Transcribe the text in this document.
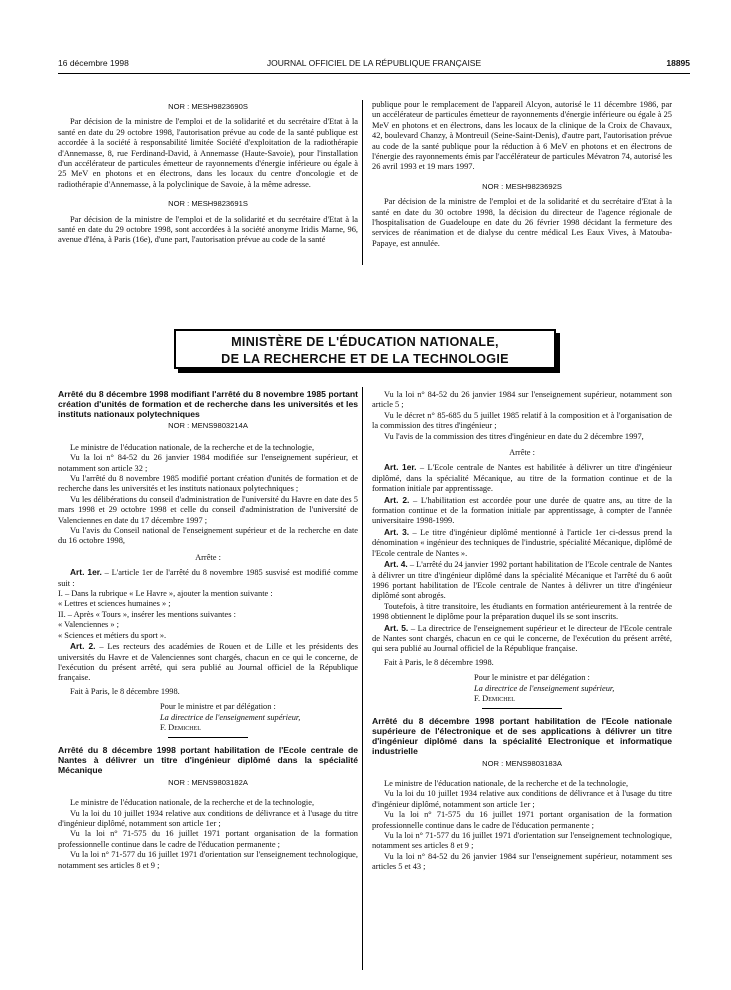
16 décembre 1998	JOURNAL OFFICIEL DE LA RÉPUBLIQUE FRANÇAISE	18895
NOR : MESH9823690S

Par décision de la ministre de l'emploi et de la solidarité et du secrétaire d'Etat à la santé en date du 29 octobre 1998, l'autorisation prévue au code de la santé publique est accordée à la société à responsabilité limitée Société d'exploitation de la radiothérapie d'Annemasse, 8, rue Ferdinand-David, à Annemasse (Haute-Savoie), pour l'installation d'un accélérateur de particules émetteur de rayonnements d'énergie inférieure ou égale à 25 MeV en photons et en électrons, dans les locaux du centre d'oncologie et de radiothérapie d'Annemasse, à la polyclinique de Savoie, à la même adresse.

NOR : MESH9823691S

Par décision de la ministre de l'emploi et de la solidarité et du secrétaire d'Etat à la santé en date du 29 octobre 1998, sont accordées à la société anonyme Iridis Marne, 96, avenue d'Iéna, à Paris (16e), d'une part, l'autorisation prévue au code de la santé

publique pour le remplacement de l'appareil Alcyon, autorisé le 11 décembre 1986, par un accélérateur de particules émetteur de rayonnements d'énergie inférieure ou égale à 25 MeV en photons et en électrons, dans les locaux de la clinique de la Croix de Chavaux, 42, boulevard Chanzy, à Montreuil (Seine-Saint-Denis), d'autre part, l'autorisation prévue au code de la santé publique pour la réduction à 6 MeV en photons et en électrons de l'énergie des rayonnements émis par l'accélérateur de particules Mévatron 74, autorisé les 26 avril 1993 et 19 mars 1997.

NOR : MESH9823692S

Par décision de la ministre de l'emploi et de la solidarité et du secrétaire d'Etat à la santé en date du 30 octobre 1998, la décision du directeur de l'agence régionale de l'hospitalisation de Guadeloupe en date du 26 février 1998 décidant la fermeture des services de réanimation et de dialyse du centre médical Les Eaux Vives, à Matouba-Papaye, est annulée.

MINISTÈRE DE L'ÉDUCATION NATIONALE,
DE LA RECHERCHE ET DE LA TECHNOLOGIE
Arrêté du 8 décembre 1998 modifiant l'arrêté du 8 novembre 1985 portant création d'unités de formation et de recherche dans les universités et les instituts nationaux polytechniques
NOR : MENS9803214A

Le ministre de l'éducation nationale, de la recherche et de la technologie,

Vu la loi n° 84-52 du 26 janvier 1984 modifiée sur l'enseignement supérieur, et notamment son article 32 ;

Vu l'arrêté du 8 novembre 1985 modifié portant création d'unités de formation et de recherche dans les universités et les instituts nationaux polytechniques ;

Vu les délibérations du conseil d'administration de l'université du Havre en date des 5 mars 1998 et 29 octobre 1998 et celle du conseil d'administration de l'université de Valenciennes en date du 17 décembre 1997 ;

Vu l'avis du Conseil national de l'enseignement supérieur et de la recherche en date du 16 octobre 1998,

Arrête :

Art. 1er. – L'article 1er de l'arrêté du 8 novembre 1985 susvisé est modifié comme suit :

I. – Dans la rubrique « Le Havre », ajouter la mention suivante :

« Lettres et sciences humaines » ;

II. – Après « Tours », insérer les mentions suivantes :

« Valenciennes » ;

« Sciences et métiers du sport ».

Art. 2. – Les recteurs des académies de Rouen et de Lille et les présidents des universités du Havre et de Valenciennes sont chargés, chacun en ce qui le concerne, de l'exécution du présent arrêté, qui sera publié au Journal officiel de la République française.

Fait à Paris, le 8 décembre 1998.

Pour le ministre et par délégation :

La directrice de l'enseignement supérieur,

F. Demichel

Arrêté du 8 décembre 1998 portant habilitation de l'Ecole centrale de Nantes à délivrer un titre d'ingénieur diplômé dans la spécialité Mécanique
NOR : MENS9803182A

Le ministre de l'éducation nationale, de la recherche et de la technologie,

Vu la loi du 10 juillet 1934 relative aux conditions de délivrance et à l'usage du titre d'ingénieur diplômé, notamment son article 1er ;

Vu la loi n° 71-575 du 16 juillet 1971 portant organisation de la formation professionnelle continue dans le cadre de l'éducation permanente ;

Vu la loi n° 71-577 du 16 juillet 1971 d'orientation sur l'enseignement technologique, notamment ses articles 8 et 9 ;

Vu la loi n° 84-52 du 26 janvier 1984 sur l'enseignement supérieur, notamment son article 5 ;

Vu le décret n° 85-685 du 5 juillet 1985 relatif à la composition et à l'organisation de la commission des titres d'ingénieur ;

Vu l'avis de la commission des titres d'ingénieur en date du 2 décembre 1997,

Arrête :

Art. 1er. – L'Ecole centrale de Nantes est habilitée à délivrer un titre d'ingénieur diplômé, dans la spécialité Mécanique, au titre de la formation continue et de la formation initiale par apprentissage.

Art. 2. – L'habilitation est accordée pour une durée de quatre ans, au titre de la formation continue et de la formation initiale par apprentissage, à compter de l'année universitaire 1998-1999.

Art. 3. – Le titre d'ingénieur diplômé mentionné à l'article 1er ci-dessus prend la dénomination « ingénieur des techniques de l'industrie, spécialité Mécanique, diplômé de l'Ecole centrale de Nantes ».

Art. 4. – L'arrêté du 24 janvier 1992 portant habilitation de l'Ecole centrale de Nantes à délivrer un titre d'ingénieur diplômé dans la spécialité Mécanique et l'arrêté du 6 août 1996 portant habilitation de l'Ecole centrale de Nantes à délivrer un titre d'ingénieur diplômé sont abrogés.

Toutefois, à titre transitoire, les étudiants en formation antérieurement à la rentrée de 1998 obtiennent le diplôme pour la préparation duquel ils se sont inscrits.

Art. 5. – La directrice de l'enseignement supérieur et le directeur de l'Ecole centrale de Nantes sont chargés, chacun en ce qui le concerne, de l'exécution du présent arrêté, qui sera publié au Journal officiel de la République française.

Fait à Paris, le 8 décembre 1998.

Pour le ministre et par délégation :

La directrice de l'enseignement supérieur,

F. Demichel

Arrêté du 8 décembre 1998 portant habilitation de l'Ecole nationale supérieure de l'électronique et de ses applications à délivrer un titre d'ingénieur diplômé dans la spécialité Electronique et informatique industrielle
NOR : MENS9803183A

Le ministre de l'éducation nationale, de la recherche et de la technologie,

Vu la loi du 10 juillet 1934 relative aux conditions de délivrance et à l'usage du titre d'ingénieur diplômé, notamment son article 1er ;

Vu la loi n° 71-575 du 16 juillet 1971 portant organisation de la formation professionnelle continue dans le cadre de l'éducation permanente ;

Vu la loi n° 71-577 du 16 juillet 1971 d'orientation sur l'enseignement technologique, notamment ses articles 8 et 9 ;

Vu la loi n° 84-52 du 26 janvier 1984 sur l'enseignement supérieur, notamment ses articles 5 et 43 ;
